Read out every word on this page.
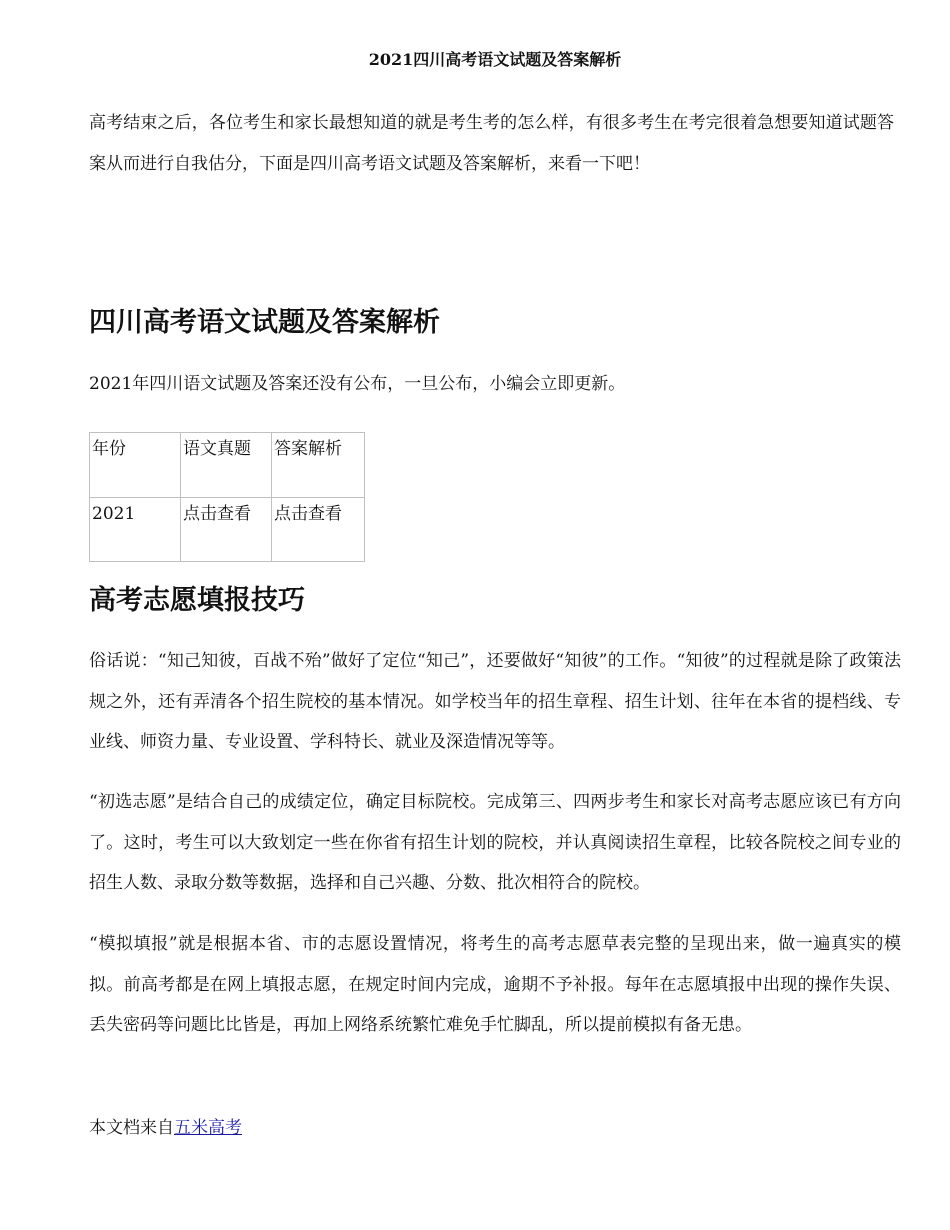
2021四川高考语文试题及答案解析

高考结束之后，各位考生和家长最想知道的就是考生考的怎么样，有很多考生在考完很着急想要知道试题答案从而进行自我估分，下面是四川高考语文试题及答案解析，来看一下吧！

四川高考语文试题及答案解析

2021年四川语文试题及答案还没有公布，一旦公布，小编会立即更新。

年份	语文真题	答案解析
2021	点击查看	点击查看
高考志愿填报技巧

俗话说：“知己知彼，百战不殆”做好了定位“知己”，还要做好“知彼”的工作。“知彼”的过程就是除了政策法规之外，还有弄清各个招生院校的基本情况。如学校当年的招生章程、招生计划、往年在本省的提档线、专业线、师资力量、专业设置、学科特长、就业及深造情况等等。

“初选志愿”是结合自己的成绩定位，确定目标院校。完成第三、四两步考生和家长对高考志愿应该已有方向了。这时，考生可以大致划定一些在你省有招生计划的院校，并认真阅读招生章程，比较各院校之间专业的招生人数、录取分数等数据，选择和自己兴趣、分数、批次相符合的院校。

“模拟填报”就是根据本省、市的志愿设置情况，将考生的高考志愿草表完整的呈现出来，做一遍真实的模拟。前高考都是在网上填报志愿，在规定时间内完成，逾期不予补报。每年在志愿填报中出现的操作失误、丢失密码等问题比比皆是，再加上网络系统繁忙难免手忙脚乱，所以提前模拟有备无患。

本文档来自五米高考
